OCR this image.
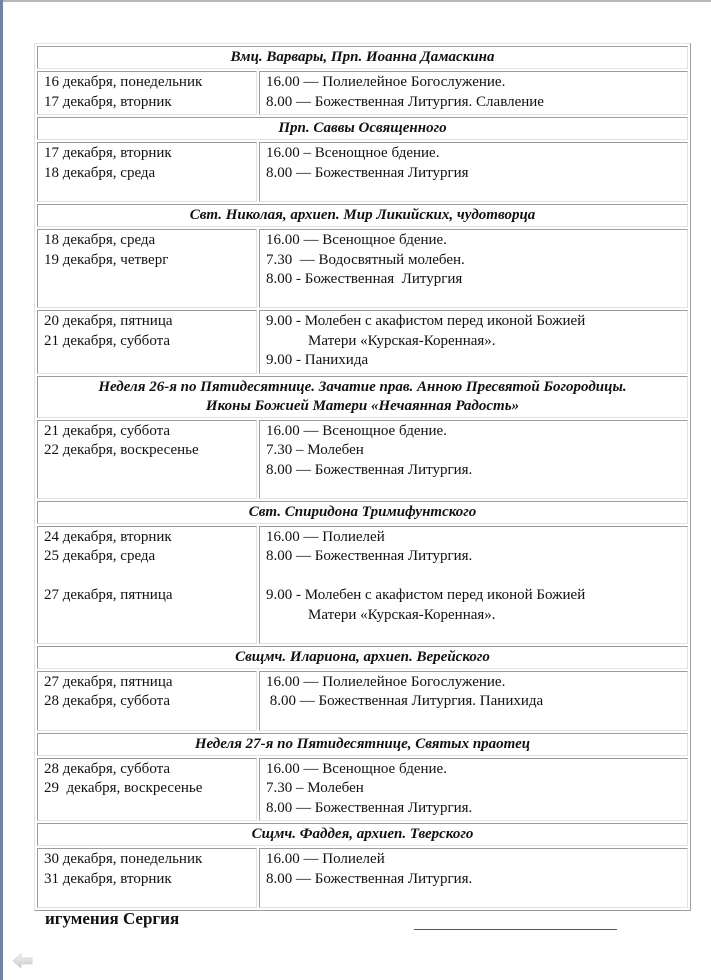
Вмц. Варвары, Прп. Иоанна Дамаскина	

16 декабря, понедельник
17 декабря, вторник	16.00 — Полиелейное Богослужение.
8.00 — Божественная Литургия. Славление

Прп. Саввы Освященного	

17 декабря, вторник
18 декабря, среда	16.00 – Всенощное бдение.
8.00 — Божественная Литургия

Свт. Николая, архиеп. Мир Ликийских, чудотворца	

18 декабря, среда
19 декабря, четверг	16.00 — Всенощное бдение.
7.30  — Водосвятный молебен.
8.00 - Божественная  Литургия

20 декабря, пятница
21 декабря, суббота	9.00 - Молебен с акафистом перед иконой Божией
Матери «Курская-Коренная».
9.00 - Панихида

Неделя 26-я по Пятидесятнице. Зачатие прав. Анною Пресвятой Богородицы.
Иконы Божией Матери «Нечаянная Радость»	

21 декабря, суббота
22 декабря, воскресенье	16.00 — Всенощное бдение.
7.30 – Молебен
8.00 — Божественная Литургия.

Свт. Спиридона Тримифунтского	

24 декабря, вторник
25 декабря, среда
27 декабря, пятница	16.00 — Полиелей
8.00 — Божественная Литургия.
9.00 - Молебен с акафистом перед иконой Божией
Матери «Курская-Коренная».

Свщмч. Илариона, архиеп. Верейского	

27 декабря, пятница
28 декабря, суббота	16.00 — Полиелейное Богослужение.
8.00 — Божественная Литургия. Панихида

Неделя 27-я по Пятидесятнице, Святых праотец	

28 декабря, суббота
29  декабря, воскресенье	16.00 — Всенощное бдение.
7.30 – Молебен
8.00 — Божественная Литургия.

Сщмч. Фаддея, архиеп. Тверского	

30 декабря, понедельник
31 декабря, вторник	16.00 — Полиелей
8.00 — Божественная Литургия.
игумения Сергия
